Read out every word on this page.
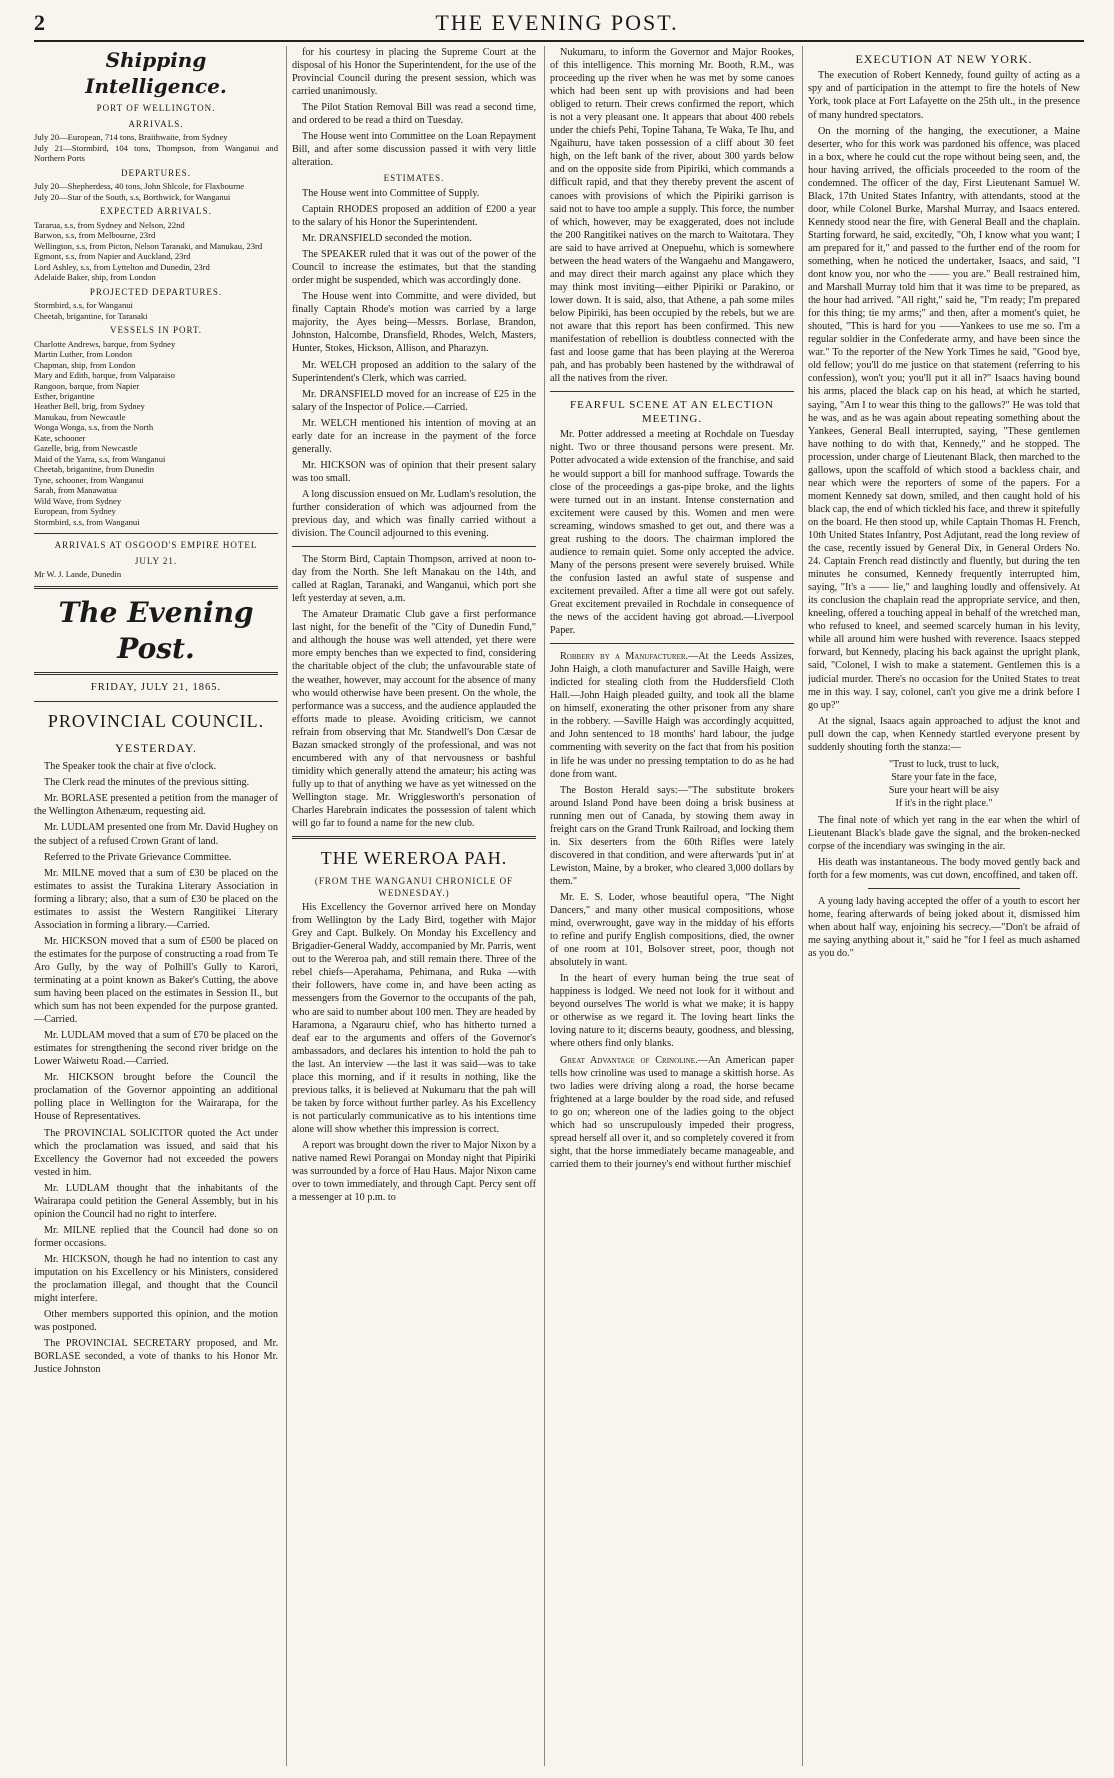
2	THE EVENING POST.
Shipping Intelligence.
PORT OF WELLINGTON.
ARRIVALS.

July 20—European, 714 tons, Braithwaite, from Sydney

July 21—Stormbird, 104 tons, Thompson, from Wanganui and Northern Ports

DEPARTURES.

July 20—Shepherdess, 40 tons, John Shlcole, for Flaxbourne

July 20—Star of the South, s.s, Borthwick, for Wanganui

EXPECTED ARRIVALS.

Tararua, s.s, from Sydney and Nelson, 22nd

Barwon, s.s, from Melbourne, 23rd

Wellington, s.s, from Picton, Nelson Taranaki, and Manukau, 23rd

Egmont, s.s, from Napier and Auckland, 23rd

Lord Ashley, s.s, from Lyttelton and Dunedin, 23rd

Adelaide Baker, ship, from London

PROJECTED DEPARTURES.

Stormbird, s.s, for Wanganui

Cheetah, brigantine, for Taranaki

VESSELS IN PORT.

Charlotte Andrews, barque, from Sydney

Martin Luther, from London

Chapman, ship, from London

Mary and Edith, barque, from Valparaiso

Rangoon, barque, from Napier

Esther, brigantine

Heather Bell, brig, from Sydney

Manukau, from Newcastle

Wonga Wonga, s.s, from the North

Kate, schooner

Gazelle, brig, from Newcastle

Maid of the Yarra, s.s, from Wanganui

Cheetah, brigantine, from Dunedin

Tyne, schooner, from Wanganui

Sarah, from Manawatua

Wild Wave, from Sydney

European, from Sydney

Stormbird, s.s, from Wanganui

ARRIVALS AT OSGOOD'S EMPIRE HOTEL
JULY 21.

Mr W. J. Lande, Dunedin

The Evening Post.
FRIDAY, JULY 21, 1865.
PROVINCIAL COUNCIL.
YESTERDAY.

The Speaker took the chair at five o'clock.

The Clerk read the minutes of the previous sitting.

Mr. BORLASE presented a petition from the manager of the Wellington Athenæum, requesting aid.

Mr. LUDLAM presented one from Mr. David Hughey on the subject of a refused Crown Grant of land.

Referred to the Private Grievance Committee.

Mr. MILNE moved that a sum of £30 be placed on the estimates to assist the Turakina Literary Association in forming a library; also, that a sum of £30 be placed on the estimates to assist the Western Rangitikei Literary Association in forming a library.—Carried.

Mr. HICKSON moved that a sum of £500 be placed on the estimates for the purpose of constructing a road from Te Aro Gully, by the way of Polhill's Gully to Karori, terminating at a point known as Baker's Cutting, the above sum having been placed on the estimates in Session II., but which sum has not been expended for the purpose granted.—Carried.

Mr. LUDLAM moved that a sum of £70 be placed on the estimates for strengthening the second river bridge on the Lower Waiwetu Road.—Carried.

Mr. HICKSON brought before the Council the proclamation of the Governor appointing an additional polling place in Wellington for the Wairarapa, for the House of Representatives.

The PROVINCIAL SOLICITOR quoted the Act under which the proclamation was issued, and said that his Excellency the Governor had not exceeded the powers vested in him.

Mr. LUDLAM thought that the inhabitants of the Wairarapa could petition the General Assembly, but in his opinion the Council had no right to interfere.

Mr. MILNE replied that the Council had done so on former occasions.

Mr. HICKSON, though he had no intention to cast any imputation on his Excellency or his Ministers, considered the proclamation illegal, and thought that the Council might interfere.

Other members supported this opinion, and the motion was postponed.

The PROVINCIAL SECRETARY proposed, and Mr. BORLASE seconded, a vote of thanks to his Honor Mr. Justice Johnston

for his courtesy in placing the Supreme Court at the disposal of his Honor the Superintendent, for the use of the Provincial Council during the present session, which was carried unanimously.

The Pilot Station Removal Bill was read a second time, and ordered to be read a third on Tuesday.

The House went into Committee on the Loan Repayment Bill, and after some discussion passed it with very little alteration.

ESTIMATES.

The House went into Committee of Supply.

Captain RHODES proposed an addition of £200 a year to the salary of his Honor the Superintendent.

Mr. DRANSFIELD seconded the motion.

The SPEAKER ruled that it was out of the power of the Council to increase the estimates, but that the standing order might be suspended, which was accordingly done.

The House went into Committe, and were divided, but finally Captain Rhode's motion was carried by a large majority, the Ayes being—Messrs. Borlase, Brandon, Johnston, Halcombe, Dransfield, Rhodes, Welch, Masters, Hunter, Stokes, Hickson, Allison, and Pharazyn.

Mr. WELCH proposed an addition to the salary of the Superintendent's Clerk, which was carried.

Mr. DRANSFIELD moved for an increase of £25 in the salary of the Inspector of Police.—Carried.

Mr. WELCH mentioned his intention of moving at an early date for an increase in the payment of the force generally.

Mr. HICKSON was of opinion that their present salary was too small.

A long discussion ensued on Mr. Ludlam's resolution, the further consideration of which was adjourned from the previous day, and which was finally carried without a division. The Council adjourned to this evening.

The Storm Bird, Captain Thompson, arrived at noon to-day from the North. She left Manakau on the 14th, and called at Raglan, Taranaki, and Wanganui, which port she left yesterday at seven, a.m.

The Amateur Dramatic Club gave a first performance last night, for the benefit of the "City of Dunedin Fund," and although the house was well attended, yet there were more empty benches than we expected to find, considering the charitable object of the club; the unfavourable state of the weather, however, may account for the absence of many who would otherwise have been present. On the whole, the performance was a success, and the audience applauded the efforts made to please. Avoiding criticism, we cannot refrain from observing that Mr. Standwell's Don Cæsar de Bazan smacked strongly of the professional, and was not encumbered with any of that nervousness or bashful timidity which generally attend the amateur; his acting was fully up to that of anything we have as yet witnessed on the Wellington stage. Mr. Wrigglesworth's personation of Charles Harebrain indicates the possession of talent which will go far to found a name for the new club.

THE WERERO​A PAH.
(FROM THE WANGANUI CHRONICLE OF WEDNESDAY.)

His Excellency the Governor arrived here on Monday from Wellington by the Lady Bird, together with Major Grey and Capt. Bulkely. On Monday his Excellency and Brigadier-General Waddy, accompanied by Mr. Parris, went out to the Wereroa pah, and still remain there. Three of the rebel chiefs—Aperahama, Pehimana, and Ruka —with their followers, have come in, and have been acting as messengers from the Governor to the occupants of the pah, who are said to number about 100 men. They are headed by Haramona, a Ngarauru chief, who has hitherto turned a deaf ear to the arguments and offers of the Governor's ambassadors, and declares his intention to hold the pah to the last. An interview —the last it was said—was to take place this morning, and if it results in nothing, like the previous talks, it is believed at Nukumaru that the pah will be taken by force without further parley. As his Excellency is not particularly communicative as to his intentions time alone will show whether this impression is correct.

A report was brought down the river to Major Nixon by a native named Rewi Porangai on Monday night that Pipiriki was surrounded by a force of Hau Haus. Major Nixon came over to town immediately, and through Capt. Percy sent off a messenger at 10 p.m. to

Nukumaru, to inform the Governor and Major Rookes, of this intelligence. This morning Mr. Booth, R.M., was proceeding up the river when he was met by some canoes which had been sent up with provisions and had been obliged to return. Their crews confirmed the report, which is not a very pleasant one. It appears that about 400 rebels under the chiefs Pehi, Topine Tahana, Te Waka, Te Ihu, and Ngaihuru, have taken possession of a cliff about 30 feet high, on the left bank of the river, about 300 yards below and on the opposite side from Pipiriki, which commands a difficult rapid, and that they thereby prevent the ascent of canoes with provisions of which the Pipiriki garrison is said not to have too ample a supply. This force, the number of which, however, may be exaggerated, does not include the 200 Rangitikei natives on the march to Waitotara. They are said to have arrived at Onepuehu, which is somewhere between the head waters of the Wangaehu and Mangawero, and may direct their march against any place which they may think most inviting—either Pipiriki or Parakino, or lower down. It is said, also, that Athene, a pah some miles below Pipiriki, has been occupied by the rebels, but we are not aware that this report has been confirmed. This new manifestation of rebellion is doubtless connected with the fast and loose game that has been playing at the Wereroa pah, and has probably been hastened by the withdrawal of all the natives from the river.

FEARFUL SCENE AT AN ELECTION MEETING.

Mr. Potter addressed a meeting at Rochdale on Tuesday night. Two or three thousand persons were present. Mr. Potter advocated a wide extension of the franchise, and said he would support a bill for manhood suffrage. Towards the close of the proceedings a gas-pipe broke, and the lights were turned out in an instant. Intense consternation and excitement were caused by this. Women and men were screaming, windows smashed to get out, and there was a great rushing to the doors. The chairman implored the audience to remain quiet. Some only accepted the advice. Many of the persons present were severely bruised. While the confusion lasted an awful state of suspense and excitement prevailed. After a time all were got out safely. Great excitement prevailed in Rochdale in consequence of the news of the accident having got abroad.—Liverpool Paper.

Robbery by a Manufacturer.—At the Leeds Assizes, John Haigh, a cloth manufacturer and Saville Haigh, were indicted for stealing cloth from the Huddersfield Cloth Hall.—John Haigh pleaded guilty, and took all the blame on himself, exonerating the other prisoner from any share in the robbery. —Saville Haigh was accordingly acquitted, and John sentenced to 18 months' hard labour, the judge commenting with severity on the fact that from his position in life he was under no pressing temptation to do as he had done from want.

The Boston Herald says:—"The substitute brokers around Island Pond have been doing a brisk business at running men out of Canada, by stowing them away in freight cars on the Grand Trunk Railroad, and locking them in. Six deserters from the 60th Rifles were lately discovered in that condition, and were afterwards 'put in' at Lewiston, Maine, by a broker, who cleared 3,000 dollars by them."

Mr. E. S. Loder, whose beautiful opera, "The Night Dancers," and many other musical compositions, whose mind, overwrought, gave way in the midday of his efforts to refine and purify English compositions, died, the owner of one room at 101, Bolsover street, poor, though not absolutely in want.

In the heart of every human being the true seat of happiness is lodged. We need not look for it without and beyond ourselves The world is what we make; it is happy or otherwise as we regard it. The loving heart links the loving nature to it; discerns beauty, goodness, and blessing, where others find only blanks.

Great Advantage of Crinoline.—An American paper tells how crinoline was used to manage a skittish horse. As two ladies were driving along a road, the horse became frightened at a large boulder by the road side, and refused to go on; whereon one of the ladies going to the object which had so unscrupulously impeded their progress, spread herself all over it, and so completely covered it from sight, that the horse immediately became manageable, and carried them to their journey's end without further mischief

EXECUTION AT NEW YORK.

The execution of Robert Kennedy, found guilty of acting as a spy and of participation in the attempt to fire the hotels of New York, took place at Fort Lafayette on the 25th ult., in the presence of many hundred spectators.

On the morning of the hanging, the executioner, a Maine deserter, who for this work was pardoned his offence, was placed in a box, where he could cut the rope without being seen, and, the hour having arrived, the officials proceeded to the room of the condemned. The officer of the day, First Lieutenant Samuel W. Black, 17th United States Infantry, with attendants, stood at the door, while Colonel Burke, Marshal Murray, and Isaacs entered. Kennedy stood near the fire, with General Beall and the chaplain. Starting forward, he said, excitedly, "Oh, I know what you want; I am prepared for it," and passed to the further end of the room for something, when he noticed the undertaker, Isaacs, and said, "I dont know you, nor who the —— you are." Beall restrained him, and Marshall Murray told him that it was time to be prepared, as the hour had arrived. "All right," said he, "I'm ready; I'm prepared for this thing; tie my arms;" and then, after a moment's quiet, he shouted, "This is hard for you ——Yankees to use me so. I'm a regular soldier in the Confederate army, and have been since the war." To the reporter of the New York Times he said, "Good bye, old fellow; you'll do me justice on that statement (referring to his confession), won't you; you'll put it all in?" Isaacs having bound his arms, placed the black cap on his head, at which he started, saying, "Am I to wear this thing to the gallows?" He was told that he was, and as he was again about repeating something about the Yankees, General Beall interrupted, saying, "These gentlemen have nothing to do with that, Kennedy," and he stopped. The procession, under charge of Lieutenant Black, then marched to the gallows, upon the scaffold of which stood a backless chair, and near which were the reporters of some of the papers. For a moment Kennedy sat down, smiled, and then caught hold of his black cap, the end of which tickled his face, and threw it spitefully on the board. He then stood up, while Captain Thomas H. French, 10th United States Infantry, Post Adjutant, read the long review of the case, recently issued by General Dix, in General Orders No. 24. Captain French read distinctly and fluently, but during the ten minutes he consumed, Kennedy frequently interrupted him, saying, "It's a —— lie," and laughing loudly and offensively. At its conclusion the chaplain read the appropriate service, and then, kneeling, offered a touching appeal in behalf of the wretched man, who refused to kneel, and seemed scarcely human in his levity, while all around him were hushed with reverence. Isaacs stepped forward, but Kennedy, placing his back against the upright plank, said, "Colonel, I wish to make a statement. Gentlemen this is a judicial murder. There's no occasion for the United States to treat me in this way. I say, colonel, can't you give me a drink before I go up?"

At the signal, Isaacs again approached to adjust the knot and pull down the cap, when Kennedy startled everyone present by suddenly shouting forth the stanza:—

"Trust to luck, trust to luck,
Stare your fate in the face,
Sure your heart will be aisy
If it's in the right place."

The final note of which yet rang in the ear when the whirl of Lieutenant Black's blade gave the signal, and the broken-necked corpse of the incendiary was swinging in the air.

His death was instantaneous. The body moved gently back and forth for a few moments, was cut down, encoffined, and taken off.

A young lady having accepted the offer of a youth to escort her home, fearing afterwards of being joked about it, dismissed him when about half way, enjoining his secrecy.—"Don't be afraid of me saying anything about it," said he "for I feel as much ashamed as you do."
